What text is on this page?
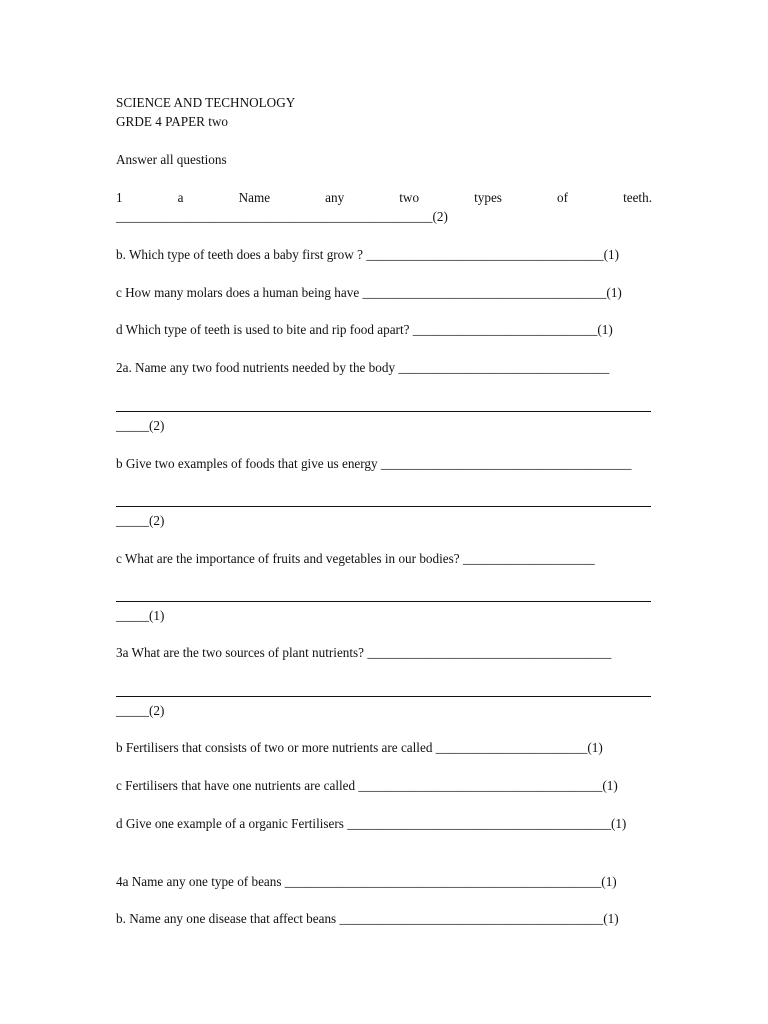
SCIENCE AND TECHNOLOGY
GRDE 4 PAPER two
Answer all questions
1	a	Name	any	two	types	of	teeth.
________________________________________________(2)
b. Which type of teeth does a baby first grow ? ____________________________________(1)
c How many molars does a human being have _____________________________________(1)
d Which type of teeth is used to bite and rip food apart? ____________________________(1)
2a. Name any two food nutrients needed by the body ________________________________
_____(2)
b Give two examples of foods that give us energy ______________________________________
_____(2)
c What are the importance of fruits and vegetables in our bodies? ____________________
_____(1)
3a What are the two sources of plant nutrients? _____________________________________
_____(2)
b Fertilisers that consists of two or more nutrients are called _______________________(1)
c Fertilisers that have one nutrients are called _____________________________________(1)
d Give one example of a organic Fertilisers ________________________________________(1)
4a Name any one type of beans ________________________________________________(1)
b. Name any one disease that affect beans ________________________________________(1)
